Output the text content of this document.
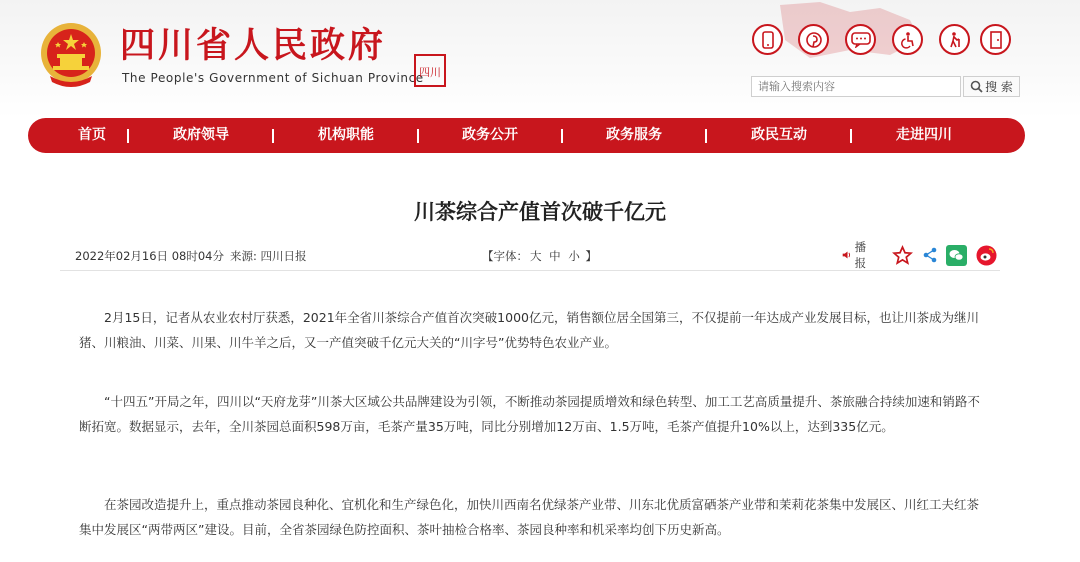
四川省人民政府
The People's Government of Sichuan Province
四川
请输入搜索内容
搜 索
首页	政府领导	机构职能	政务公开	政务服务	政民互动	走进四川
川茶综合产值首次破千亿元
2022年02月16日 08时04分 来源: 四川日报	【字体： 大 中 小 】
播报

2月15日，记者从农业农村厅获悉，2021年全省川茶综合产值首次突破1000亿元，销售额位居全国第三，不仅提前一年达成产业发展目标，也让川茶成为继川猪、川粮油、川菜、川果、川牛羊之后，又一产值突破千亿元大关的“川字号”优势特色农业产业。

“十四五”开局之年，四川以“天府龙芽”川茶大区域公共品牌建设为引领，不断推动茶园提质增效和绿色转型、加工工艺高质量提升、茶旅融合持续加速和销路不断拓宽。数据显示，去年，全川茶园总面积598万亩，毛茶产量35万吨，同比分别增加12万亩、1.5万吨，毛茶产值提升10%以上，达到335亿元。

在茶园改造提升上，重点推动茶园良种化、宜机化和生产绿色化，加快川西南名优绿茶产业带、川东北优质富硒茶产业带和茉莉花茶集中发展区、川红工夫红茶集中发展区“两带两区”建设。目前，全省茶园绿色防控面积、茶叶抽检合格率、茶园良种率和机采率均创下历史新高。
